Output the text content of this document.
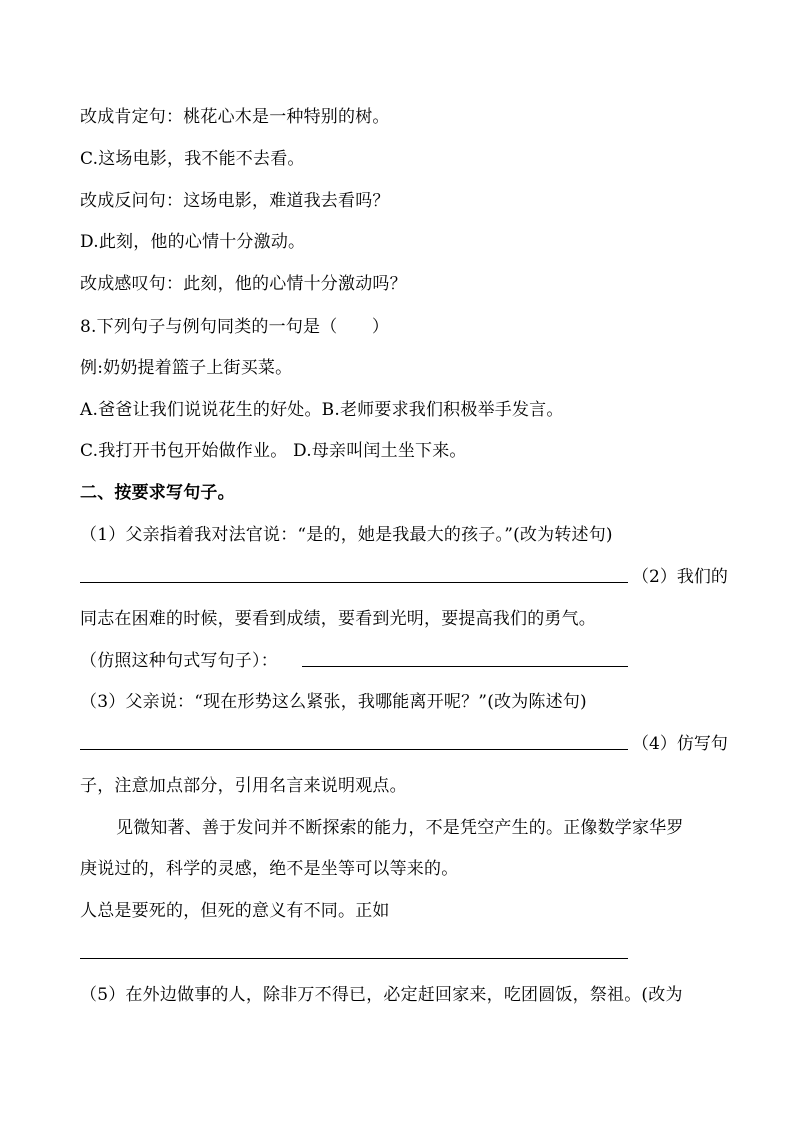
改成肯定句：桃花心木是一种特别的树。
C.这场电影，我不能不去看。
改成反问句：这场电影，难道我去看吗？
D.此刻，他的心情十分激动。
改成感叹句：此刻，他的心情十分激动吗？
8.下列句子与例句同类的一句是（　　）
例:奶奶提着篮子上街买菜。
A.爸爸让我们说说花生的好处。B.老师要求我们积极举手发言。
C.我打开书包开始做作业。 D.母亲叫闰土坐下来。
二、按要求写句子。
（1）父亲指着我对法官说：“是的，她是我最大的孩子。”(改为转述句)
（2）我们的
同志在困难的时候，要看到成绩，要看到光明，要提高我们的勇气。
（仿照这种句式写句子）：
（3）父亲说：“现在形势这么紧张，我哪能离开呢？”(改为陈述句)
（4）仿写句
子，注意加点部分，引用名言来说明观点。
见微知著、善于发问并不断探索的能力，不是凭空产生的。正像数学家华罗
庚说过的，科学的灵感，绝不是坐等可以等来的。
人总是要死的，但死的意义有不同。正如
（5）在外边做事的人，除非万不得已，必定赶回家来，吃团圆饭，祭祖。(改为
